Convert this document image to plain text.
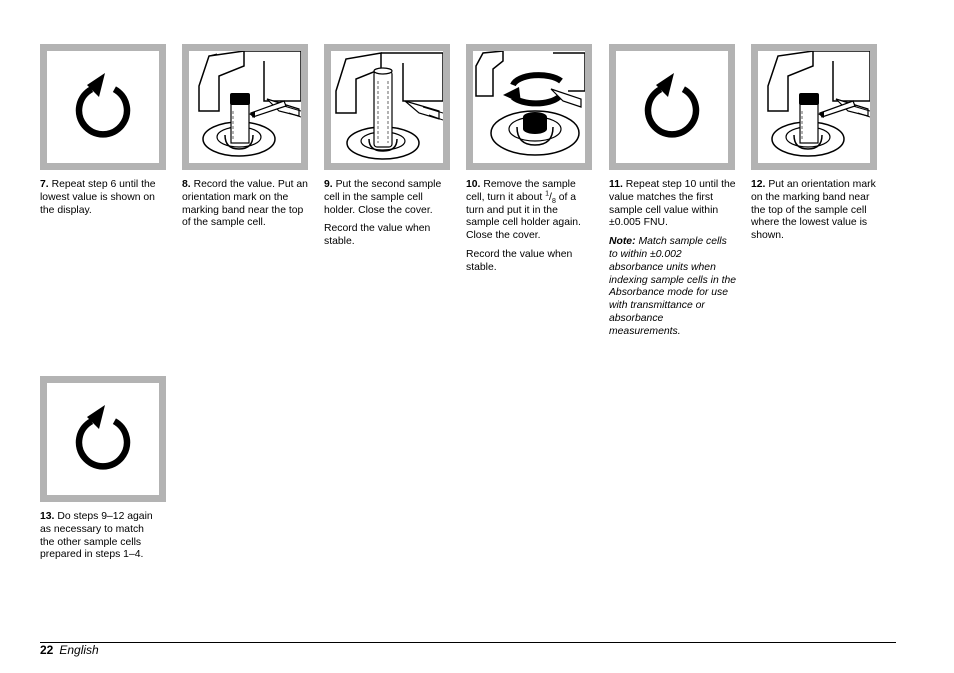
7. Repeat step 6 until the lowest value is shown on the display.

8. Record the value. Put an orientation mark on the marking band near the top of the sample cell.

9. Put the second sample cell in the sample cell holder. Close the cover.

Record the value when stable.

10. Remove the sample cell, turn it about $^1/_8$ of a turn and put it in the sample cell holder again. Close the cover.

Record the value when stable.

11. Repeat step 10 until the value matches the first sample cell value within ±0.005 FNU.

Note: Match sample cells to within ±0.002 absorbance units when indexing sample cells in the Absorbance mode for use with transmittance or absorbance measurements.

12. Put an orientation mark on the marking band near the top of the sample cell where the lowest value is shown.

13. Do steps 9–12 again as necessary to match the other sample cells prepared in steps 1–4.

22 English
